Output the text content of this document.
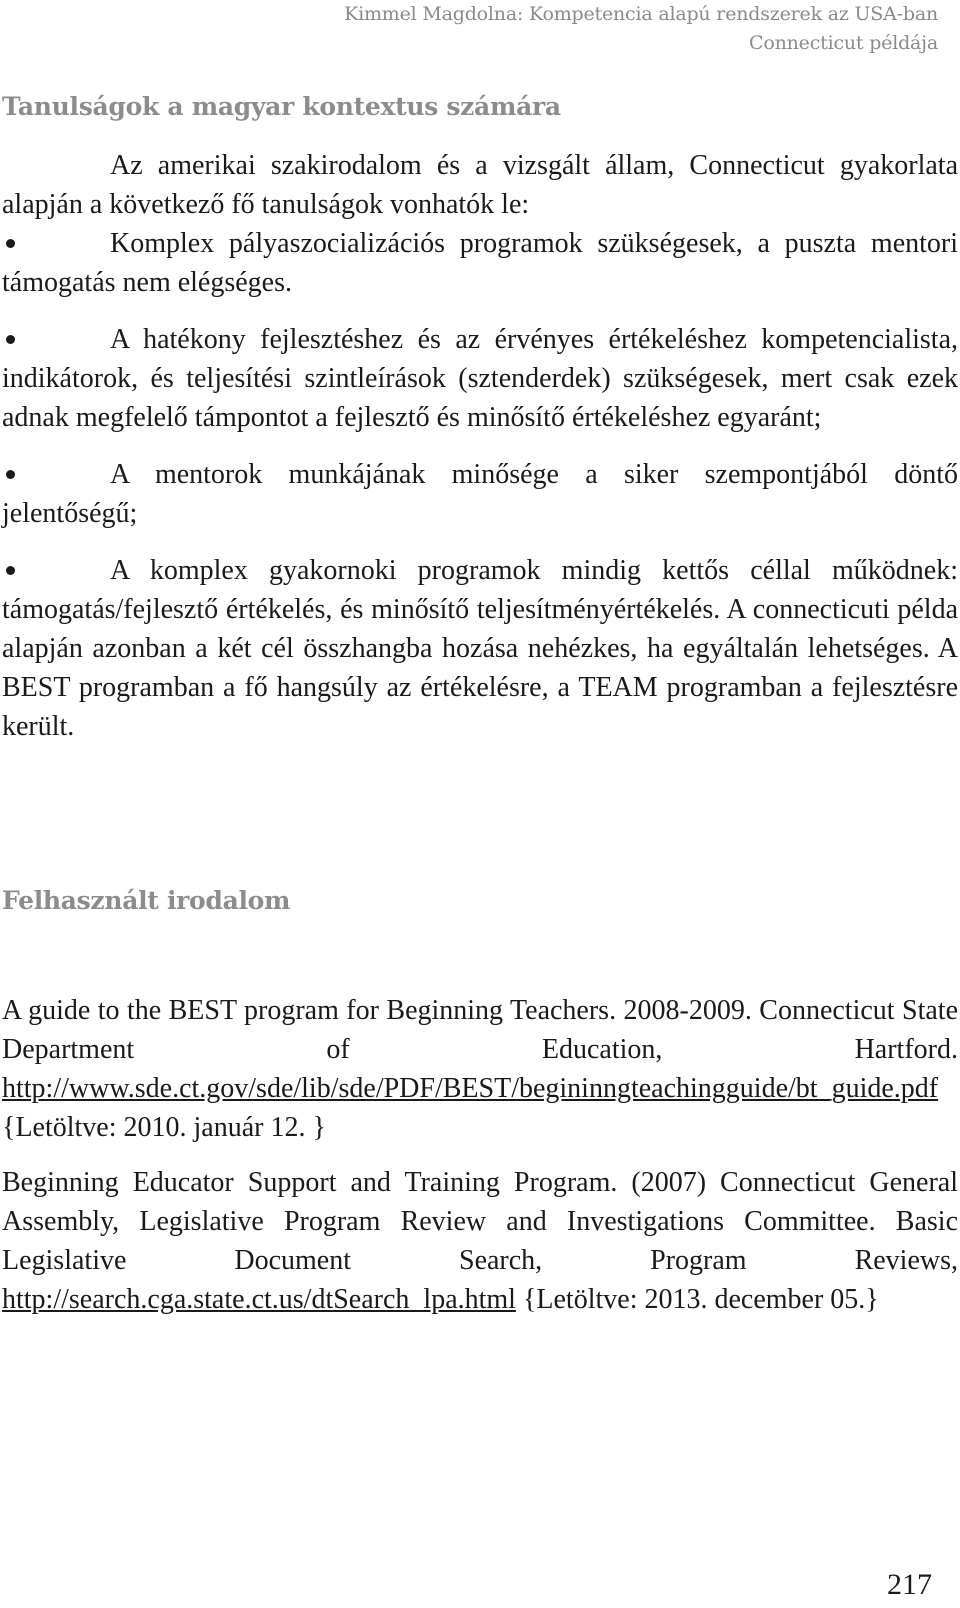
Kimmel Magdolna: Kompetencia alapú rendszerek az USA-ban
Connecticut példája
Tanulságok a magyar kontextus számára

Az amerikai szakirodalom és a vizsgált állam, Connecticut gyakorlata alapján a következő fő tanulságok vonhatók le:

Komplex pályaszocializációs programok szükségesek, a puszta mentori támogatás nem elégséges.
A hatékony fejlesztéshez és az érvényes értékeléshez kompetencialista, indikátorok, és teljesítési szintleírások (sztenderdek) szükségesek, mert csak ezek adnak megfelelő támpontot a fejlesztő és minősítő értékeléshez egyaránt;
A mentorok munkájának minősége a siker szempontjából döntő jelentőségű;
A komplex gyakornoki programok mindig kettős céllal működnek: támogatás/fejlesztő értékelés, és minősítő teljesítményértékelés. A connecticuti példa alapján azonban a két cél összhangba hozása nehézkes, ha egyáltalán lehetséges. A BEST programban a fő hangsúly az értékelésre, a TEAM programban a fejlesztésre került.
Felhasznált irodalom

A guide to the BEST program for Beginning Teachers. 2008-2009. Connecticut State Department of Education, Hartford. http://www.sde.ct.gov/sde/lib/sde/PDF/BEST/begininngteachingguide/bt_guide.pdf {Letöltve: 2010. január 12. }

Beginning Educator Support and Training Program. (2007) Connecticut General Assembly, Legislative Program Review and Investigations Committee. Basic Legislative Document Search, Program Reviews, http://search.cga.state.ct.us/dtSearch_lpa.html {Letöltve: 2013. december 05.}

217
